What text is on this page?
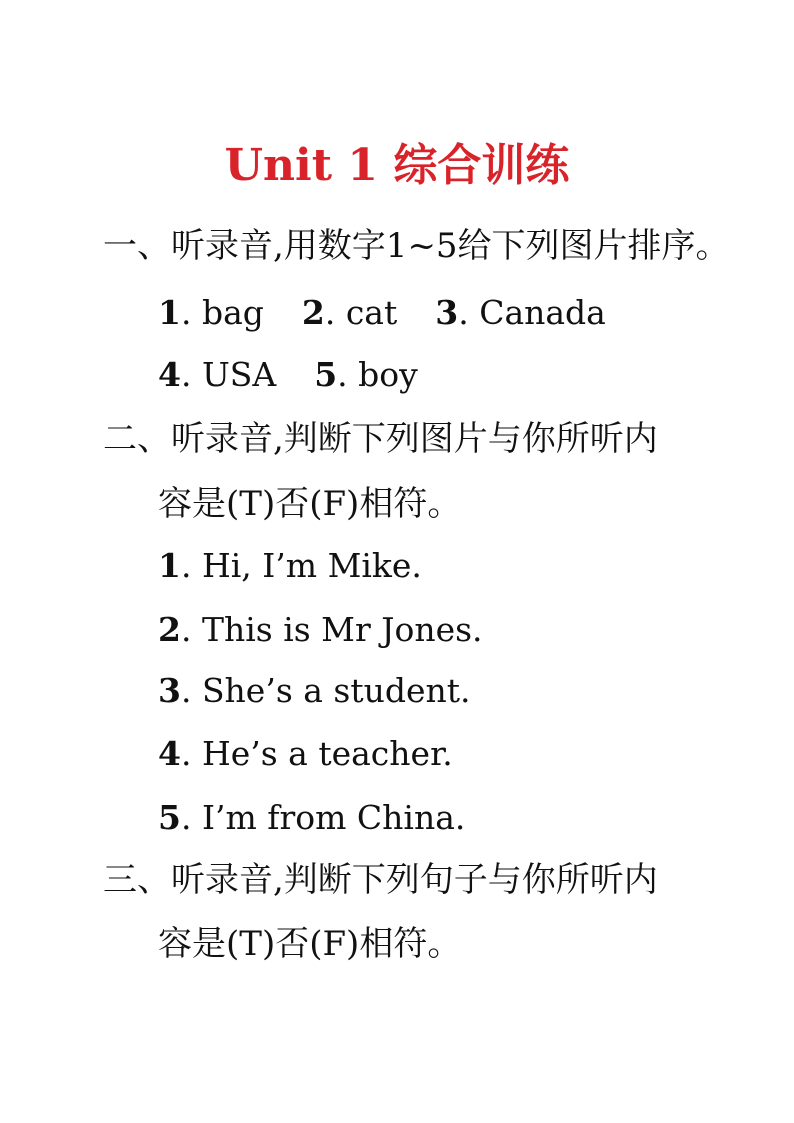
Unit 1 综合训练
一、听录音,用数字1~5给下列图片排序。
1. bag 2. cat 3. Canada
4. USA 5. boy
二、听录音,判断下列图片与你所听内
容是(T)否(F)相符。
1. Hi, I’m Mike.
2. This is Mr Jones.
3. She’s a student.
4. He’s a teacher.
5. I’m from China.
三、听录音,判断下列句子与你所听内
容是(T)否(F)相符。
